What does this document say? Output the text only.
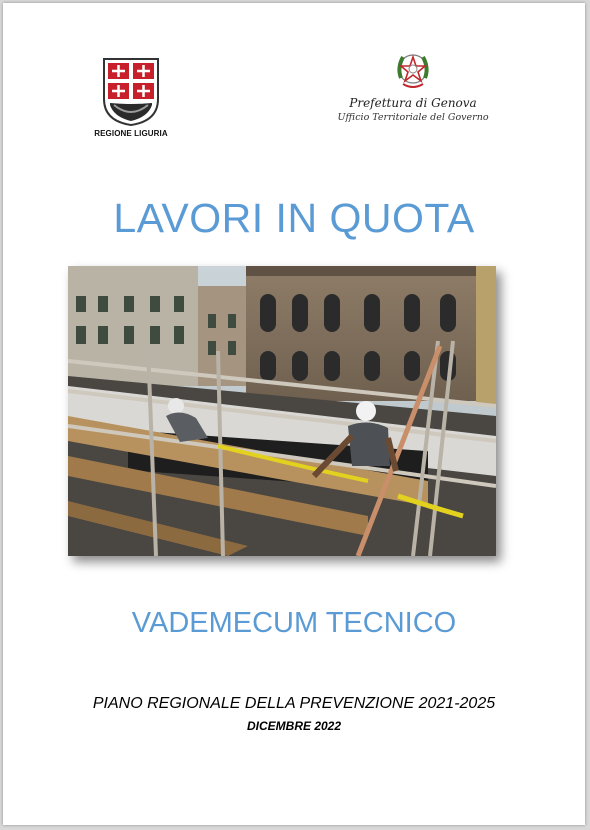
REGIONE LIGURIA
Prefettura di Genova
Ufficio Territoriale del Governo
LAVORI IN QUOTA
VADEMECUM TECNICO
PIANO REGIONALE DELLA PREVENZIONE 2021-2025
DICEMBRE 2022
